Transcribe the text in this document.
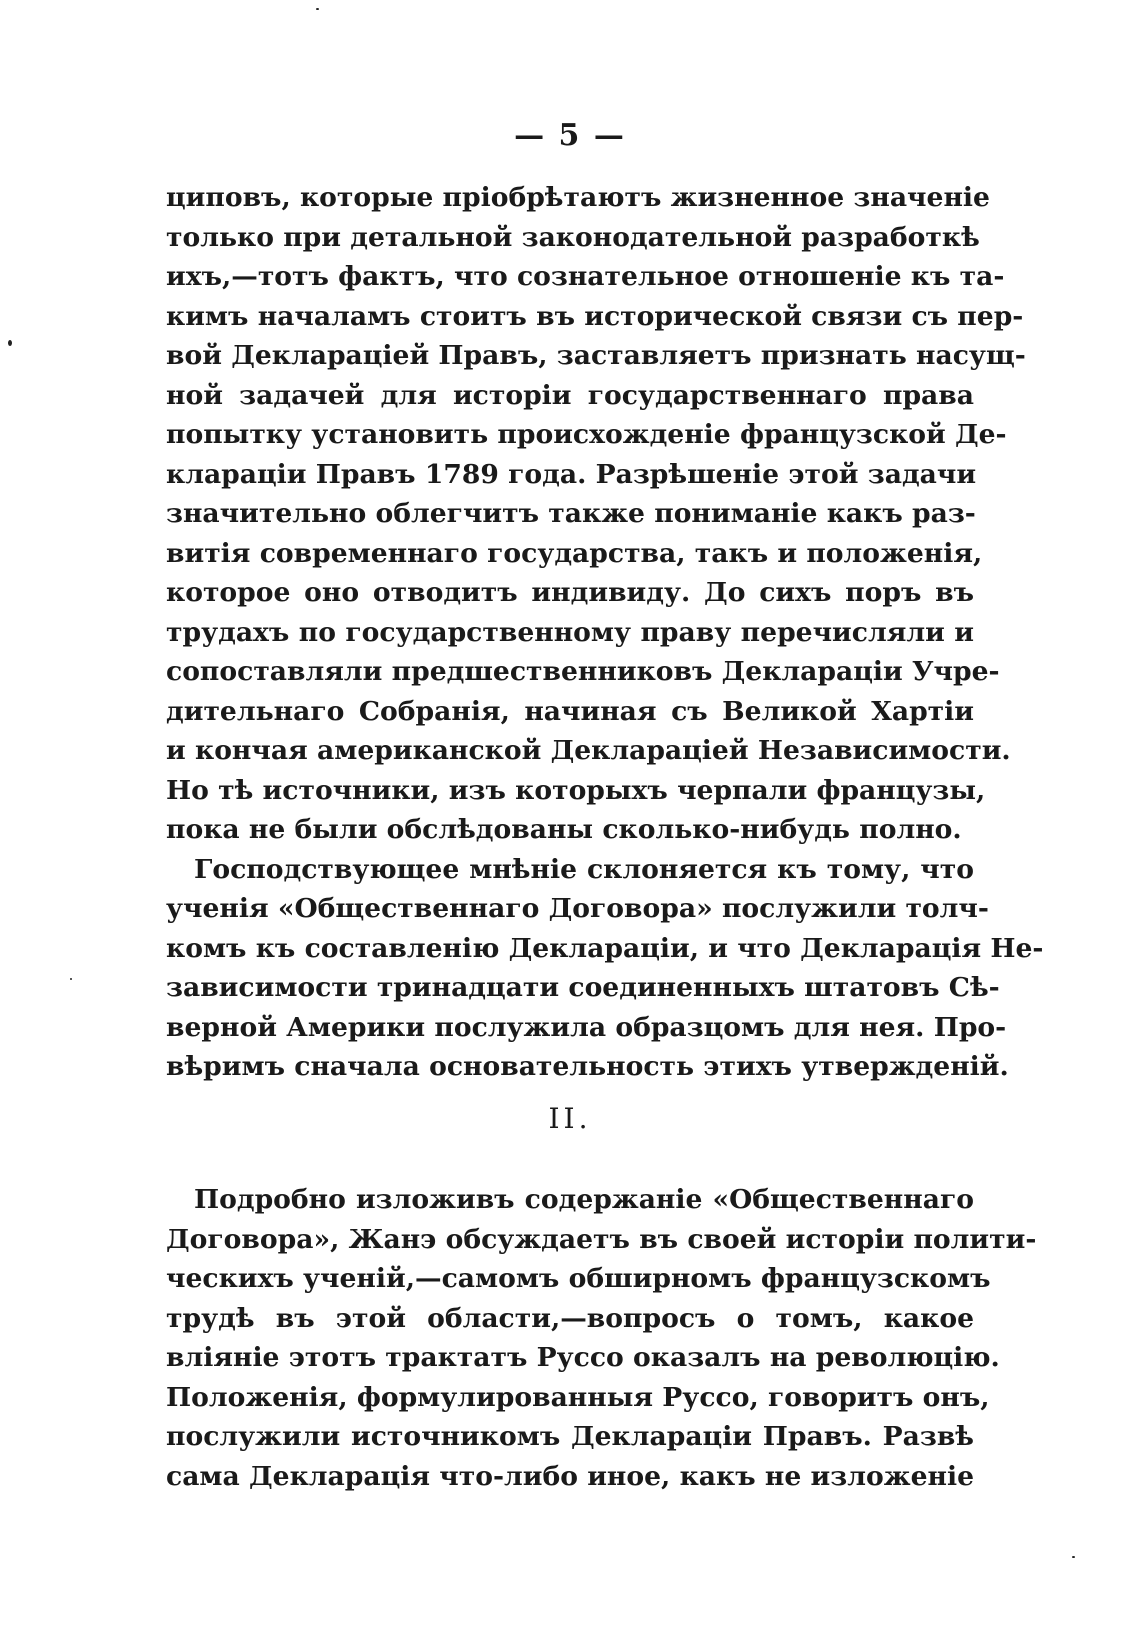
— 5 —
циповъ, которые пріобрѣтаютъ жизненное значеніе
только при детальной законодательной разработкѣ
ихъ,—тотъ фактъ, что сознательное отношеніе къ та-
кимъ началамъ стоитъ въ исторической связи съ пер-
вой Декларацiей Правъ, заставляетъ признать насущ-
ной задачей для исторіи государственнаго права
попытку установить происхожденіе французской Де-
клараціи Правъ 1789 года. Разрѣшеніе этой задачи
значительно облегчитъ также пониманіе какъ раз-
витія современнаго государства, такъ и положенія,
которое оно отводитъ индивиду. До сихъ поръ въ
трудахъ по государственному праву перечисляли и
сопоставляли предшественниковъ Декларацiи Учре-
дительнаго Собранія, начиная съ Великой Хартіи
и кончая американской Декларацiей Независимости.
Но тѣ источники, изъ которыхъ черпали французы,
пока не были обслѣдованы сколько-нибудь полно.
Господствующее мнѣніе склоняется къ тому, что
ученія «Общественнаго Договора» послужили толч-
комъ къ составленію Декларацiи, и что Декларація Не-
зависимости тринадцати соединенныхъ штатовъ Сѣ-
верной Америки послужила образцомъ для нея. Про-
вѣримъ сначала основательность этихъ утвержденій.
II.
Подробно изложивъ содержаніе «Общественнаго
Договора», Жанэ обсуждаетъ въ своей исторіи полити-
ческихъ ученій,—самомъ обширномъ французскомъ
трудѣ въ этой области,—вопросъ о томъ, какое
вліяніе этотъ трактатъ Руссо оказалъ на революцію.
Положенія, формулированныя Руссо, говоритъ онъ,
послужили источникомъ Декларацiи Правъ. Развѣ
сама Декларація что-либо иное, какъ не изложеніе
